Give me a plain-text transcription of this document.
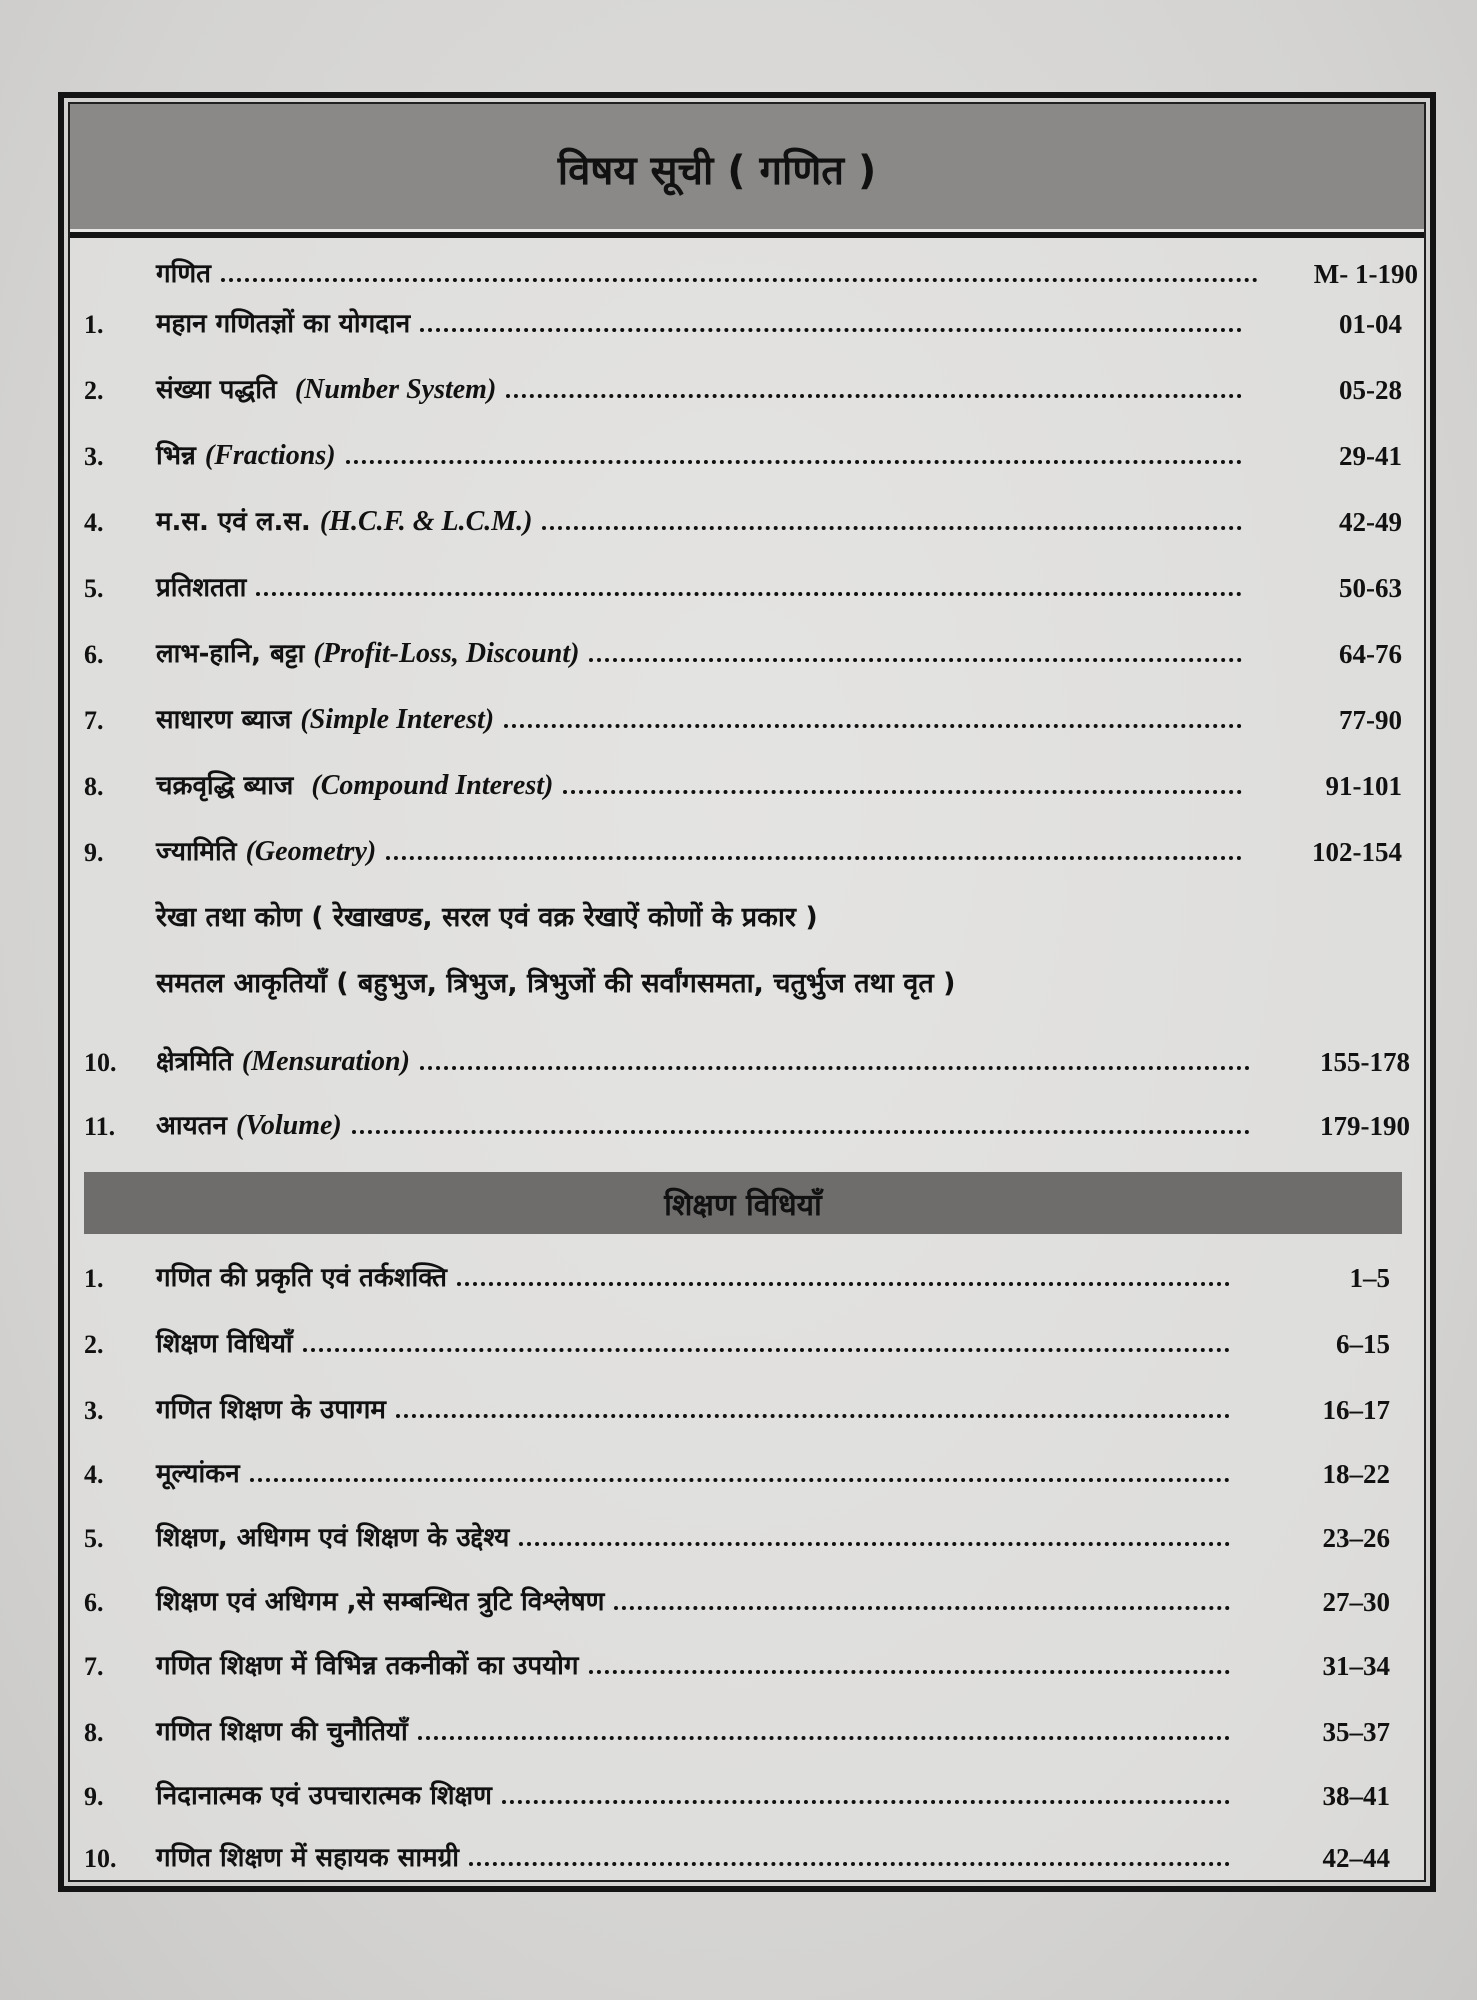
विषय सूची ( गणित )
गणित	M- 1-190
1.	महान गणितज्ञों का योगदान	01-04
2.	संख्या पद्धति (Number System)	05-28
3.	भिन्न (Fractions)	29-41
4.	म.स. एवं ल.स. (H.C.F. & L.C.M.)	42-49
5.	प्रतिशतता	50-63
6.	लाभ-हानि, बट्टा (Profit-Loss, Discount)	64-76
7.	साधारण ब्याज (Simple Interest)	77-90
8.	चक्रवृद्धि ब्याज (Compound Interest)	91-101
9.	ज्यामिति (Geometry)	102-154
रेखा तथा कोण ( रेखाखण्ड, सरल एवं वक्र रेखाऐं कोणों के प्रकार )
समतल आकृतियाँ ( बहुभुज, त्रिभुज, त्रिभुजों की सर्वांगसमता, चतुर्भुज तथा वृत )
10.	क्षेत्रमिति (Mensuration)	155-178
11.	आयतन (Volume)	179-190
शिक्षण विधियाँ
1.	गणित की प्रकृति एवं तर्कशक्ति	1–5
2.	शिक्षण विधियाँ	6–15
3.	गणित शिक्षण के उपागम	16–17
4.	मूल्यांकन	18–22
5.	शिक्षण, अधिगम एवं शिक्षण के उद्देश्य	23–26
6.	शिक्षण एवं अधिगम ,से सम्बन्धित त्रुटि विश्लेषण	27–30
7.	गणित शिक्षण में विभिन्न तकनीकों का उपयोग	31–34
8.	गणित शिक्षण की चुनौतियाँ	35–37
9.	निदानात्मक एवं उपचारात्मक शिक्षण	38–41
10.	गणित शिक्षण में सहायक सामग्री	42–44
